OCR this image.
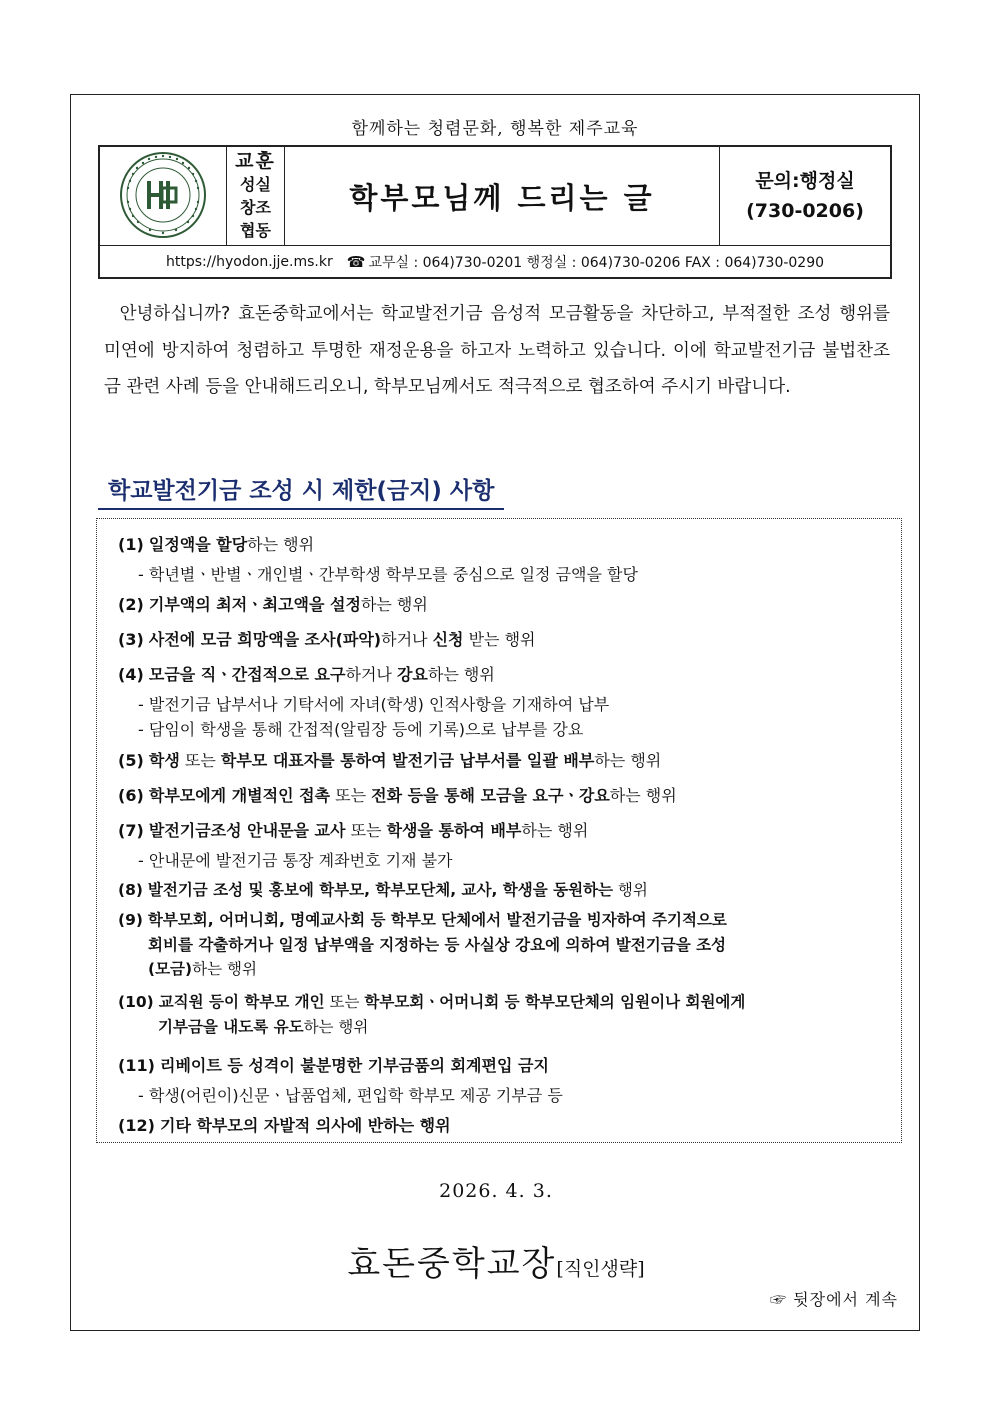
함께하는 청렴문화, 행복한 제주교육
교훈
성실
창조
협동
학부모님께 드리는 글	문의:행정실
(730-0206)
https://hyodon.jje.ms.kr ☎ 교무실 : 064)730-0201 행정실 : 064)730-0206 FAX : 064)730-0290
안녕하십니까? 효돈중학교에서는 학교발전기금 음성적 모금활동을 차단하고, 부적절한 조성 행위를 미연에 방지하여 청렴하고 투명한 재정운용을 하고자 노력하고 있습니다. 이에 학교발전기금 불법찬조금 관련 사례 등을 안내해드리오니, 학부모님께서도 적극적으로 협조하여 주시기 바랍니다.
학교발전기금 조성 시 제한(금지) 사항
(1) 일정액을 할당하는 행위
- 학년별ㆍ반별ㆍ개인별ㆍ간부학생 학부모를 중심으로 일정 금액을 할당
(2) 기부액의 최저ㆍ최고액을 설정하는 행위
(3) 사전에 모금 희망액을 조사(파악)하거나 신청 받는 행위
(4) 모금을 직ㆍ간접적으로 요구하거나 강요하는 행위
- 발전기금 납부서나 기탁서에 자녀(학생) 인적사항을 기재하여 납부
- 담임이 학생을 통해 간접적(알림장 등에 기록)으로 납부를 강요
(5) 학생 또는 학부모 대표자를 통하여 발전기금 납부서를 일괄 배부하는 행위
(6) 학부모에게 개별적인 접촉 또는 전화 등을 통해 모금을 요구ㆍ강요하는 행위
(7) 발전기금조성 안내문을 교사 또는 학생을 통하여 배부하는 행위
- 안내문에 발전기금 통장 계좌번호 기재 불가
(8) 발전기금 조성 및 홍보에 학부모, 학부모단체, 교사, 학생을 동원하는 행위
(9) 학부모회, 어머니회, 명예교사회 등 학부모 단체에서 발전기금을 빙자하여 주기적으로
회비를 각출하거나 일정 납부액을 지정하는 등 사실상 강요에 의하여 발전기금을 조성
(모금)하는 행위
(10) 교직원 등이 학부모 개인 또는 학부모회ㆍ어머니회 등 학부모단체의 임원이나 회원에게
기부금을 내도록 유도하는 행위
(11) 리베이트 등 성격이 불분명한 기부금품의 회계편입 금지
- 학생(어린이)신문ㆍ납품업체, 편입학 학부모 제공 기부금 등
(12) 기타 학부모의 자발적 의사에 반하는 행위
2026. 4. 3.
효돈중학교장[직인생략]
☞ 뒷장에서 계속
